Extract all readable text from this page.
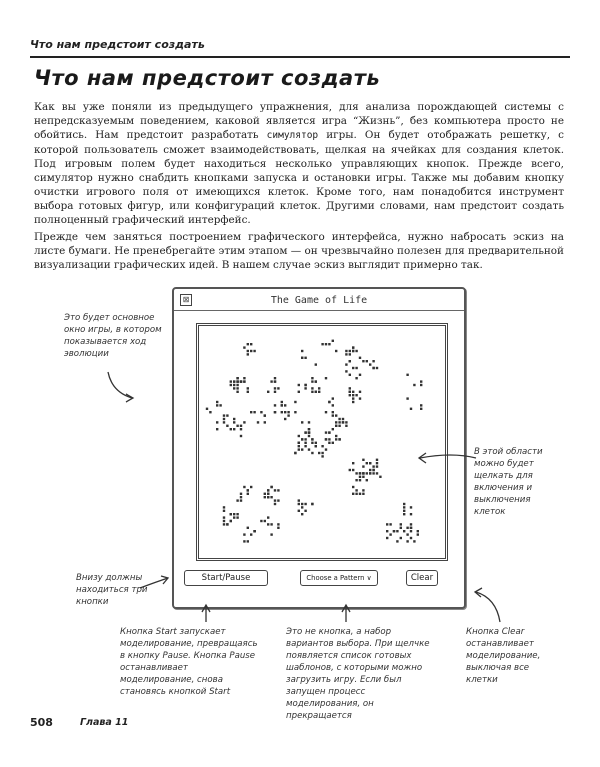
Что нам предстоит создать
Что нам предстоит создать

Как вы уже поняли из предыдущего упражнения, для анализа порождающей системы с непредсказуемым поведением, каковой является игра “Жизнь”, без компьютера просто не обойтись. Нам предстоит разработать симулятор игры. Он будет отображать решетку, с которой пользователь сможет взаимодействовать, щелкая на ячейках для создания клеток. Под игровым полем будет находиться несколько управляющих кнопок. Прежде всего, симулятор нужно снабдить кнопками запуска и остановки игры. Также мы добавим кнопку очистки игрового поля от имеющихся клеток. Кроме того, нам понадобится инструмент выбора готовых фигур, или конфигураций клеток. Другими словами, нам предстоит создать полноценный графический интерфейс.

Прежде чем заняться построением графического интерфейса, нужно набросать эскиз на листе бумаги. Не пренебрегайте этим этапом — он чрезвычайно полезен для предварительной визуализации графических идей. В нашем случае эскиз выглядит примерно так.

⊠	The Game of Life
Start/Pause	Choose a Pattern ∨	Clear
Это будет основное окно игры, в котором показывается ход эволюции
В этой области можно будет щелкать для включения и выключения клеток
Внизу должны находиться три кнопки
Кнопка Start запускает моделирование, превращаясь в кнопку Pause. Кнопка Pause останавливает моделирование, снова становясь кнопкой Start
Это не кнопка, а набор вариантов выбора. При щелчке появляется список готовых шаблонов, с которыми можно загрузить игру. Если был запущен процесс моделирования, он прекращается
Кнопка Clear останавливает моделирование, выключая все клетки
508	Глава 11
